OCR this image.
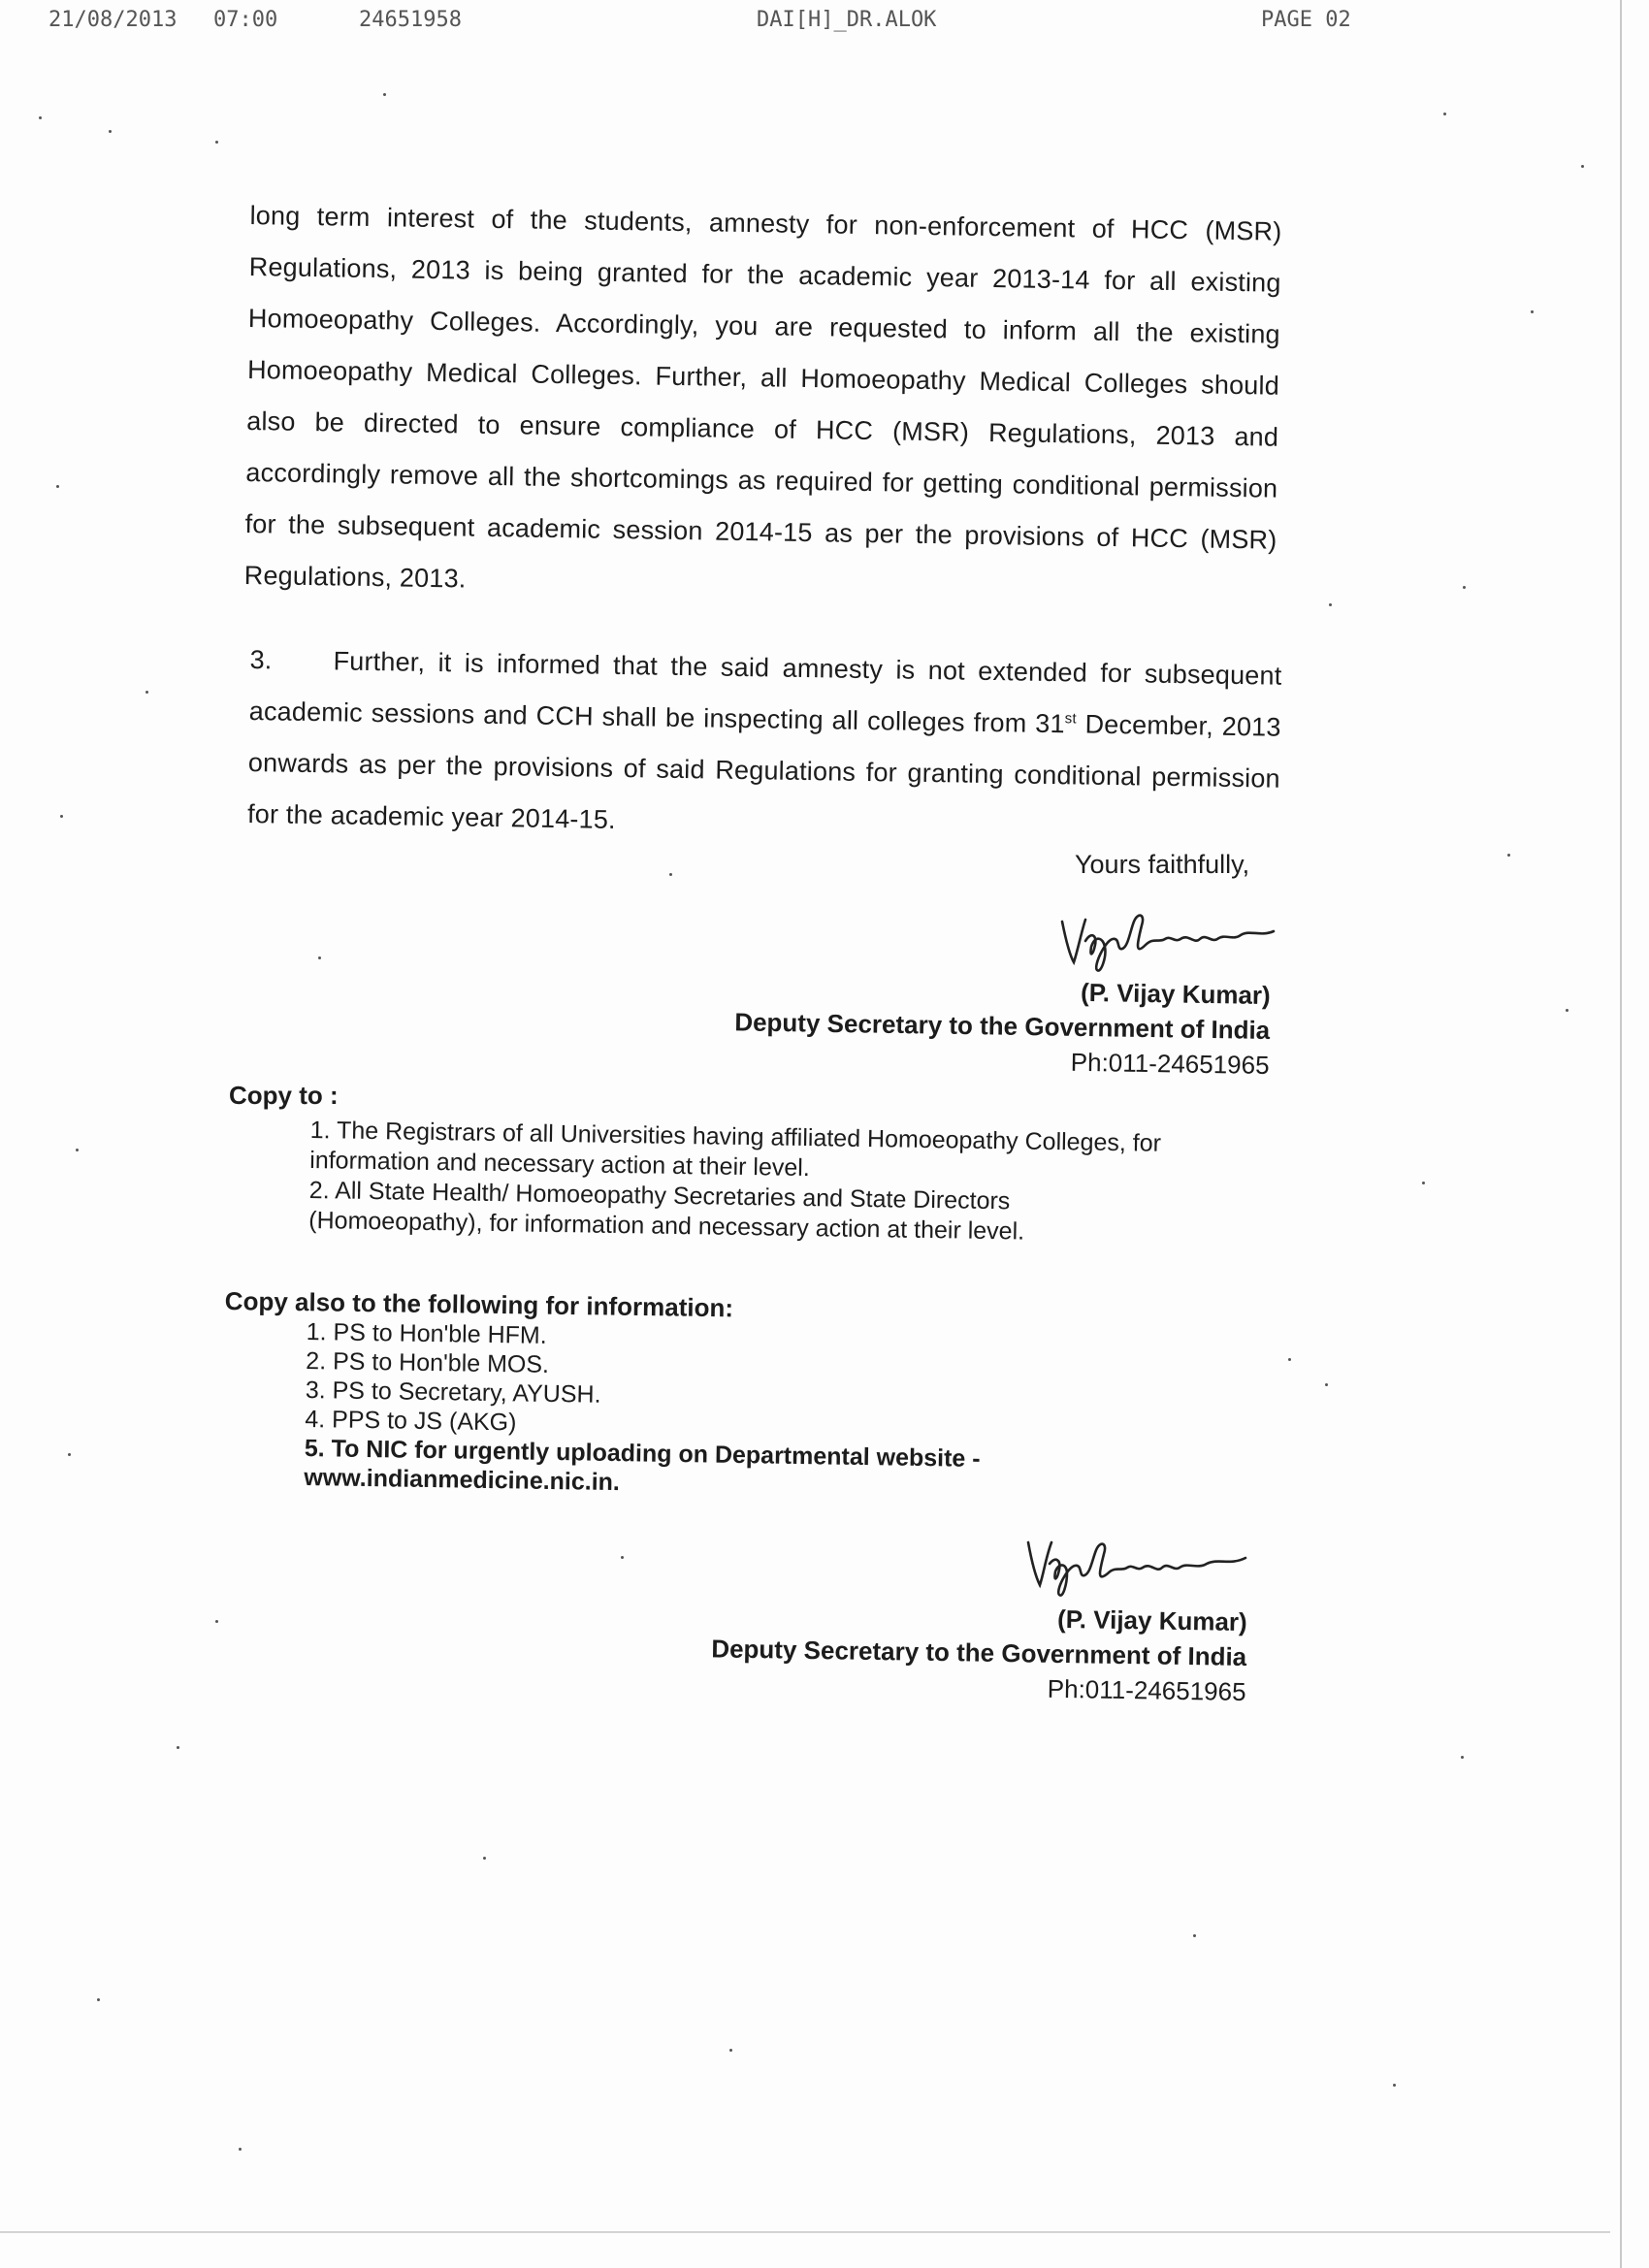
21/08/2013 07:00	24651958	DAI[H]_DR.ALOK	PAGE 02
long term interest of the students, amnesty for non-enforcement of HCC (MSR) Regulations, 2013 is being granted for the academic year 2013-14 for all existing Homoeopathy Colleges. Accordingly, you are requested to inform all the existing Homoeopathy Medical Colleges. Further, all Homoeopathy Medical Colleges should also be directed to ensure compliance of HCC (MSR) Regulations, 2013 and accordingly remove all the shortcomings as required for getting conditional permission for the subsequent academic session 2014-15 as per the provisions of HCC (MSR) Regulations, 2013.
3. Further, it is informed that the said amnesty is not extended for subsequent academic sessions and CCH shall be inspecting all colleges from 31st December, 2013 onwards as per the provisions of said Regulations for granting conditional permission for the academic year 2014-15.
Yours faithfully,
(P. Vijay Kumar)
Deputy Secretary to the Government of India
Ph:011-24651965
Copy to :
1. The Registrars of all Universities having affiliated Homoeopathy Colleges, for information and necessary action at their level.
2. All State Health/ Homoeopathy Secretaries and State Directors (Homoeopathy), for information and necessary action at their level.
Copy also to the following for information:
1. PS to Hon'ble HFM.
2. PS to Hon'ble MOS.
3. PS to Secretary, AYUSH.
4. PPS to JS (AKG)
5. To NIC for urgently uploading on Departmental website -
www.indianmedicine.nic.in.
(P. Vijay Kumar)
Deputy Secretary to the Government of India
Ph:011-24651965
